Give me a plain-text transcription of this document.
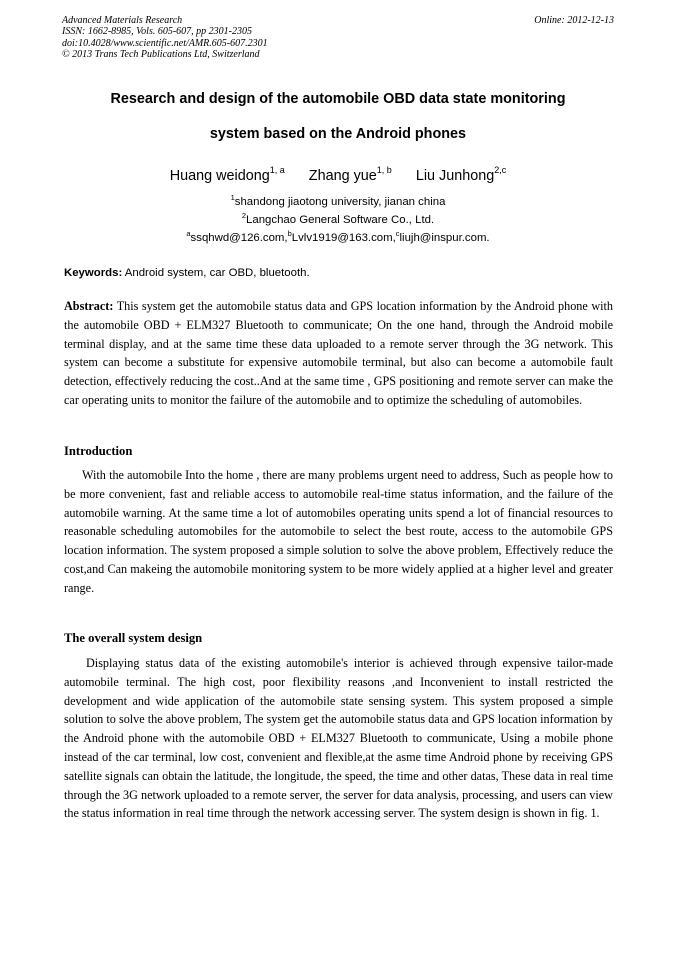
Advanced Materials Research
ISSN: 1662-8985, Vols. 605-607, pp 2301-2305
doi:10.4028/www.scientific.net/AMR.605-607.2301
© 2013 Trans Tech Publications Ltd, Switzerland
Online: 2012-12-13
Research and design of the automobile OBD data state monitoring
system based on the Android phones
Huang weidong$^{1, a}$ Zhang yue$^{1, b}$ Liu Junhong$^{2,c}$
$^1$shandong jiaotong university, jianan china
$^2$Langchao General Software Co., Ltd.
$^a$ssqhwd@126.com,$^b$Lvlv1919@163.com,$^c$liujh@inspur.com.
Keywords: Android system, car OBD, bluetooth.
Abstract: This system get the automobile status data and GPS location information by the Android phone with the automobile OBD + ELM327 Bluetooth to communicate; On the one hand, through the Android mobile terminal display, and at the same time these data uploaded to a remote server through the 3G network. This system can become a substitute for expensive automobile terminal, but also can become a automobile fault detection, effectively reducing the cost..And at the same time , GPS positioning and remote server can make the car operating units to monitor the failure of the automobile and to optimize the scheduling of automobiles.
Introduction
With the automobile Into the home , there are many problems urgent need to address, Such as people how to be more convenient, fast and reliable access to automobile real-time status information, and the failure of the automobile warning. At the same time a lot of automobiles operating units spend a lot of financial resources to reasonable scheduling automobiles for the automobile to select the best route, access to the automobile GPS location information. The system proposed a simple solution to solve the above problem, Effectively reduce the cost,and Can makeing the automobile monitoring system to be more widely applied at a higher level and greater range.
The overall system design
Displaying status data of the existing automobile's interior is achieved through expensive tailor-made automobile terminal. The high cost, poor flexibility reasons ,and Inconvenient to install restricted the development and wide application of the automobile state sensing system. This system proposed a simple solution to solve the above problem, The system get the automobile status data and GPS location information by the Android phone with the automobile OBD + ELM327 Bluetooth to communicate, Using a mobile phone instead of the car terminal, low cost, convenient and flexible,at the asme time Android phone by receiving GPS satellite signals can obtain the latitude, the longitude, the speed, the time and other datas, These data in real time through the 3G network uploaded to a remote server, the server for data analysis, processing, and users can view the status information in real time through the network accessing server. The system design is shown in fig. 1.
